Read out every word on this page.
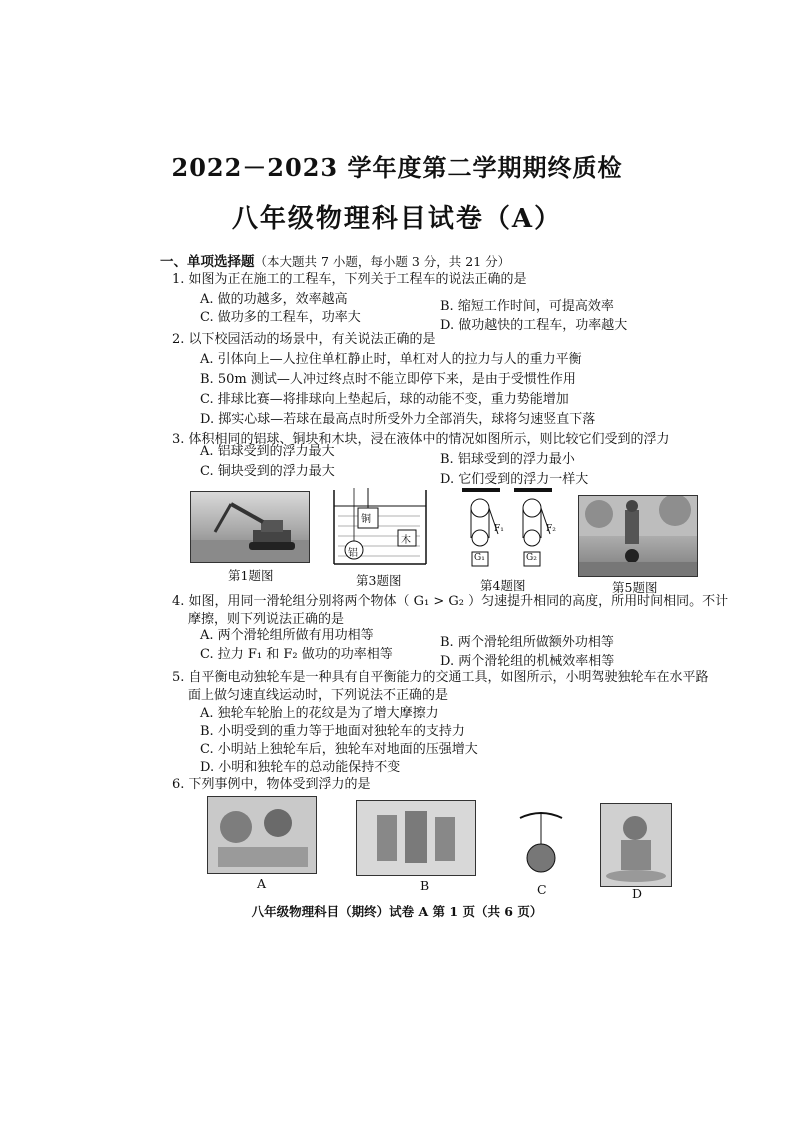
2022－2023 学年度第二学期期终质检
八年级物理科目试卷（A）
一、单项选择题（本大题共 7 小题，每小题 3 分，共 21 分）
1. 如图为正在施工的工程车，下列关于工程车的说法正确的是
A. 做的功越多，效率越高	B. 缩短工作时间，可提高效率
C. 做功多的工程车，功率大
D. 做功越快的工程车，功率越大
2. 以下校园活动的场景中，有关说法正确的是
A. 引体向上—人拉住单杠静止时，单杠对人的拉力与人的重力平衡
B. 50m 测试—人冲过终点时不能立即停下来，是由于受惯性作用
C. 排球比赛—将排球向上垫起后，球的动能不变，重力势能增加
D. 掷实心球—若球在最高点时所受外力全部消失，球将匀速竖直下落
3. 体积相同的铝球、铜块和木块，浸在液体中的情况如图所示，则比较它们受到的浮力
A. 铝球受到的浮力最大
B. 铝球受到的浮力最小
C. 铜块受到的浮力最大
D. 它们受到的浮力一样大
第1题图
铜
铝
木
第3题图
F₁	F₂
G₁	G₂
第4题图	第5题图
4. 如图，用同一滑轮组分别将两个物体（ G₁ > G₂ ）匀速提升相同的高度，所用时间相同。不计
摩擦，则下列说法正确的是
A. 两个滑轮组所做有用功相等	B. 两个滑轮组所做额外功相等
C. 拉力 F₁ 和 F₂ 做功的功率相等	D. 两个滑轮组的机械效率相等
5. 自平衡电动独轮车是一种具有自平衡能力的交通工具，如图所示，小明驾驶独轮车在水平路
面上做匀速直线运动时，下列说法不正确的是
A. 独轮车轮胎上的花纹是为了增大摩擦力
B. 小明受到的重力等于地面对独轮车的支持力
C. 小明站上独轮车后，独轮车对地面的压强增大
D. 小明和独轮车的总动能保持不变
6. 下列事例中，物体受到浮力的是
A	B	C	D
八年级物理科目（期终）试卷 A 第 1 页（共 6 页）
